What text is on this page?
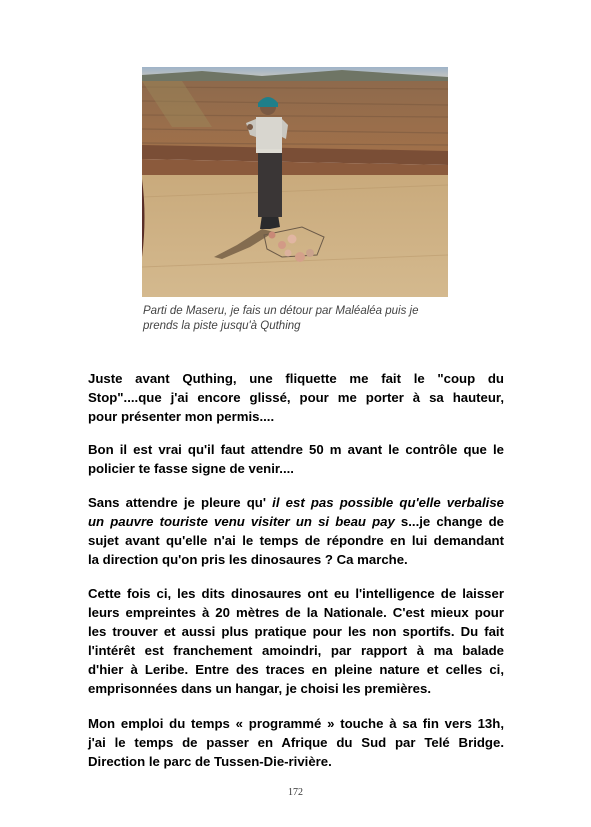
Parti de Maseru, je fais un détour par Maléaléa puis je
prends la piste jusqu'à Quthing
Juste avant Quthing, une fliquette me fait le "coup du
Stop"....que j'ai encore glissé, pour me porter à sa hauteur,
pour présenter mon permis....
Bon il est vrai qu'il faut attendre 50 m avant le contrôle que le
policier te fasse signe de venir....
Sans attendre je pleure qu' il est pas possible qu'elle verbalise
un pauvre touriste venu visiter un si beau pay s...je change de
sujet avant qu'elle n'ai le temps de répondre en lui demandant
la direction qu'on pris les dinosaures ? Ca marche.
Cette fois ci, les dits dinosaures ont eu l'intelligence de laisser
leurs empreintes à 20 mètres de la Nationale. C'est mieux pour
les trouver et aussi plus pratique pour les non sportifs. Du fait
l'intérêt est franchement amoindri, par rapport à ma balade
d'hier à Leribe. Entre des traces en pleine nature et celles ci,
emprisonnées dans un hangar, je choisi les premières.
Mon emploi du temps « programmé » touche à sa fin vers 13h,
j'ai le temps de passer en Afrique du Sud par Telé Bridge.
Direction le parc de Tussen-Die-rivière.
172
